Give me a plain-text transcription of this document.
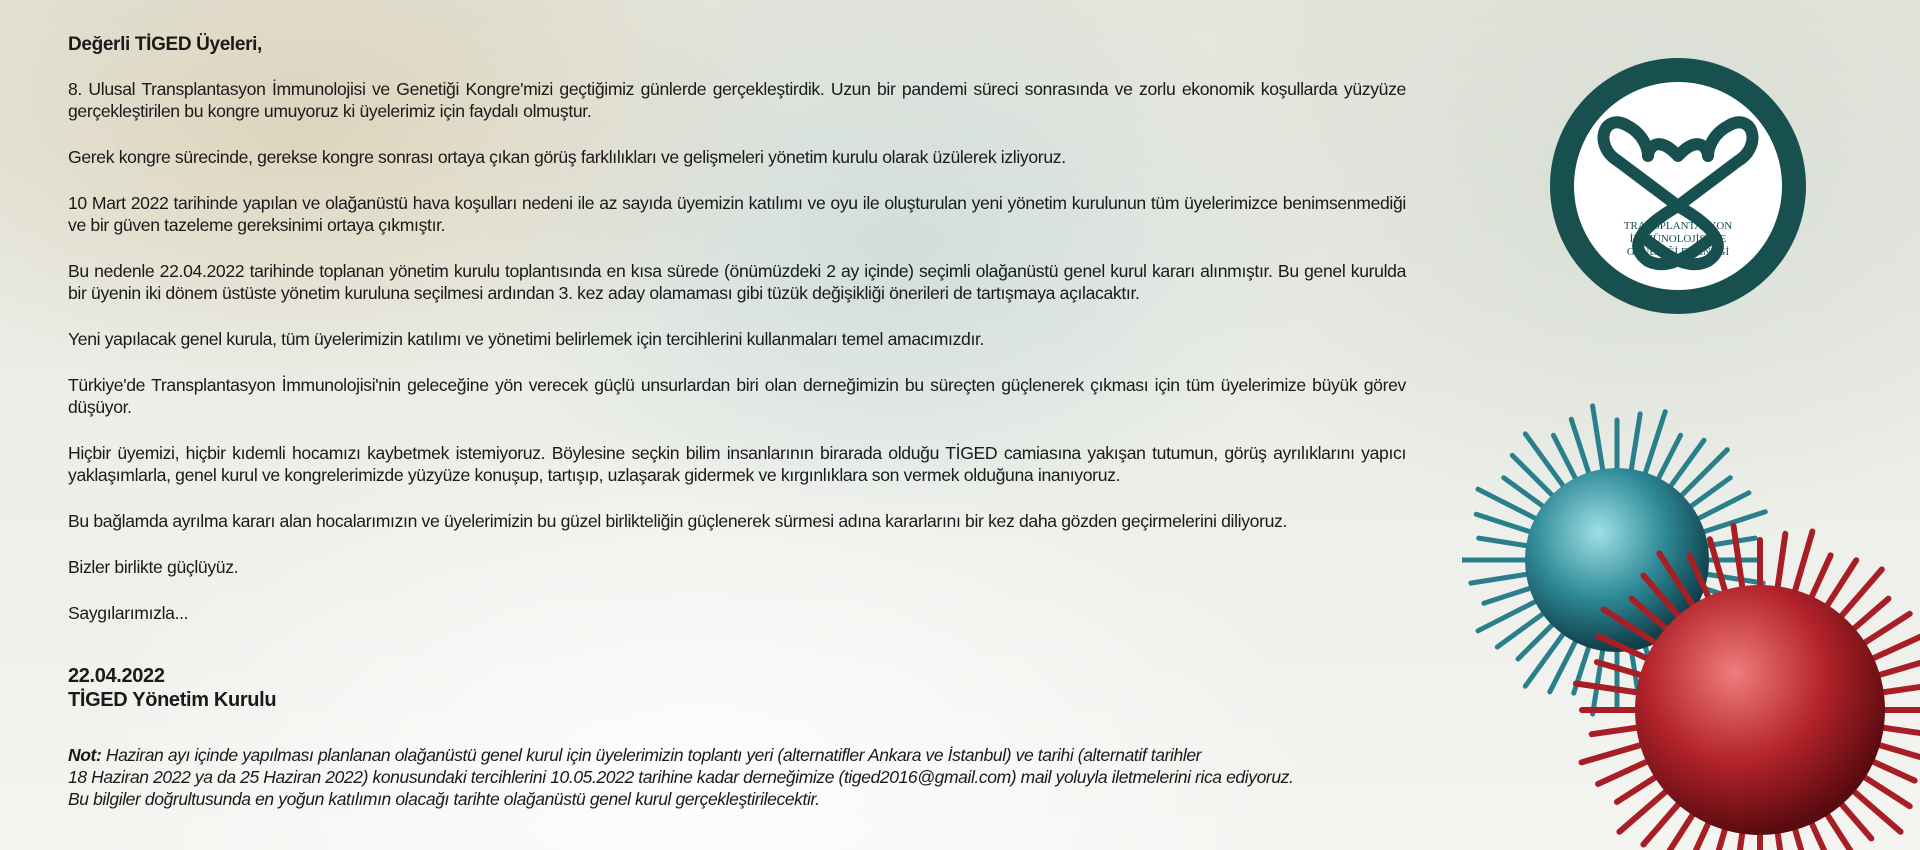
Değerli TİGED Üyeleri,

8. Ulusal Transplantasyon İmmunolojisi ve Genetiği Kongre'mizi geçtiğimiz günlerde gerçekleştirdik. Uzun bir pandemi süreci sonrasında ve zorlu ekonomik koşullarda yüzyüze gerçekleştirilen bu kongre umuyoruz ki üyelerimiz için faydalı olmuştur.

Gerek kongre sürecinde, gerekse kongre sonrası ortaya çıkan görüş farklılıkları ve gelişmeleri yönetim kurulu olarak üzülerek izliyoruz.

10 Mart 2022 tarihinde yapılan ve olağanüstü hava koşulları nedeni ile az sayıda üyemizin katılımı ve oyu ile oluşturulan yeni yönetim kurulunun tüm üyelerimizce benimsenmediği ve bir güven tazeleme gereksinimi ortaya çıkmıştır.

Bu nedenle 22.04.2022 tarihinde toplanan yönetim kurulu toplantısında en kısa sürede (önümüzdeki 2 ay içinde) seçimli olağanüstü genel kurul kararı alınmıştır. Bu genel kurulda bir üyenin iki dönem üstüste yönetim kuruluna seçilmesi ardından 3. kez aday olamaması gibi tüzük değişikliği önerileri de tartışmaya açılacaktır.

Yeni yapılacak genel kurula, tüm üyelerimizin katılımı ve yönetimi belirlemek için tercihlerini kullanmaları temel amacımızdır.

Türkiye'de Transplantasyon İmmunolojisi'nin geleceğine yön verecek güçlü unsurlardan biri olan derneğimizin bu süreçten güçlenerek çıkması için tüm üyelerimize büyük görev düşüyor.

Hiçbir üyemizi, hiçbir kıdemli hocamızı kaybetmek istemiyoruz. Böylesine seçkin bilim insanlarının birarada olduğu TİGED camiasına yakışan tutumun, görüş ayrılıklarını yapıcı yaklaşımlarla, genel kurul ve kongrelerimizde yüzyüze konuşup, tartışıp, uzlaşarak gidermek ve kırgınlıklara son vermek olduğuna inanıyoruz.

Bu bağlamda ayrılma kararı alan hocalarımızın ve üyelerimizin bu güzel birlikteliğin güçlenerek sürmesi adına kararlarını bir kez daha gözden geçirmelerini diliyoruz.

Bizler birlikte güçlüyüz.

Saygılarımızla...

22.04.2022
TİGED Yönetim Kurulu
Not: Haziran ayı içinde yapılması planlanan olağanüstü genel kurul için üyelerimizin toplantı yeri (alternatifler Ankara ve İstanbul) ve tarihi (alternatif tarihler
18 Haziran 2022 ya da 25 Haziran 2022) konusundaki tercihlerini 10.05.2022 tarihine kadar derneğimize (tiged2016@gmail.com) mail yoluyla iletmelerini rica ediyoruz.
Bu bilgiler doğrultusunda en yoğun katılımın olacağı tarihte olağanüstü genel kurul gerçekleştirilecektir.
TİGED
TRANSPLANTASYON
İMMÜNOLOJİSİ VE
GENETİĞİ DERNEĞİ
